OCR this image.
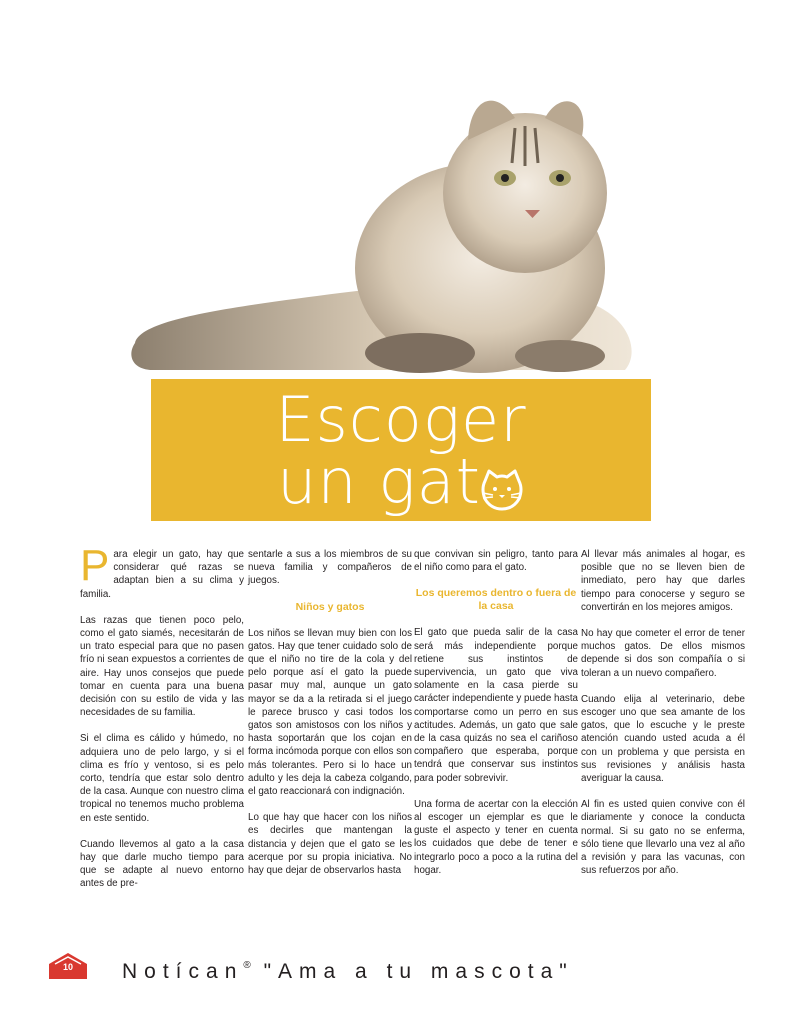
Escoger
un gat

Para elegir un gato, hay que considerar qué razas se adaptan bien a su clima y familia.

Las razas que tienen poco pelo, como el gato siamés, necesitarán de un trato especial para que no pasen frío ni sean expuestos a corrientes de aire. Hay unos consejos que puede tomar en cuenta para una buena decisión con su estilo de vida y las necesidades de su familia.

Si el clima es cálido y húmedo, no adquiera uno de pelo largo, y si el clima es frío y ventoso, si es pelo corto, tendría que estar solo dentro de la casa. Aunque con nuestro clima tropical no tenemos mucho problema en este sentido.

Cuando llevemos al gato a la casa hay que darle mucho tiempo para que se adapte al nuevo entorno antes de pre-

sentarle a sus a los miembros de su nueva familia y compañeros de juegos.

Niños y gatos

Los niños se llevan muy bien con los gatos. Hay que tener cuidado solo de que el niño no tire de la cola y del pelo porque así el gato la puede pasar muy mal, aunque un gato mayor se da a la retirada si el juego le parece brusco y casi todos los gatos son amistosos con los niños y hasta soportarán que los cojan en forma incómoda porque con ellos son más tolerantes. Pero si lo hace un adulto y les deja la cabeza colgando, el gato reaccionará con indignación.

Lo que hay que hacer con los niños es decirles que mantengan la distancia y dejen que el gato se les acerque por su propia iniciativa. No hay que dejar de observarlos hasta

que convivan sin peligro, tanto para el niño como para el gato.

Los queremos dentro o fuera de la casa

El gato que pueda salir de la casa será más independiente porque retiene sus instintos de supervivencia, un gato que viva solamente en la casa pierde su carácter independiente y puede hasta comportarse como un perro en sus actitudes. Además, un gato que sale de la casa quizás no sea el cariñoso compañero que esperaba, porque tendrá que conservar sus instintos para poder sobrevivir.

Una forma de acertar con la elección al escoger un ejemplar es que le guste el aspecto y tener en cuenta los cuidados que debe de tener e integrarlo poco a poco a la rutina del hogar.

Al llevar más animales al hogar, es posible que no se lleven bien de inmediato, pero hay que darles tiempo para conocerse y seguro se convertirán en los mejores amigos.

No hay que cometer el error de tener muchos gatos. De ellos mismos depende si dos son compañía o si toleran a un nuevo compañero.

Cuando elija al veterinario, debe escoger uno que sea amante de los gatos, que lo escuche y le preste atención cuando usted acuda a él con un problema y que persista en sus revisiones y análisis hasta averiguar la causa.

Al fin es usted quien convive con él diariamente y conoce la conducta normal. Si su gato no se enferma, sólo tiene que llevarlo una vez al año a revisión y para las vacunas, con sus refuerzos por año.

10 Notícan® "Ama a tu mascota"
